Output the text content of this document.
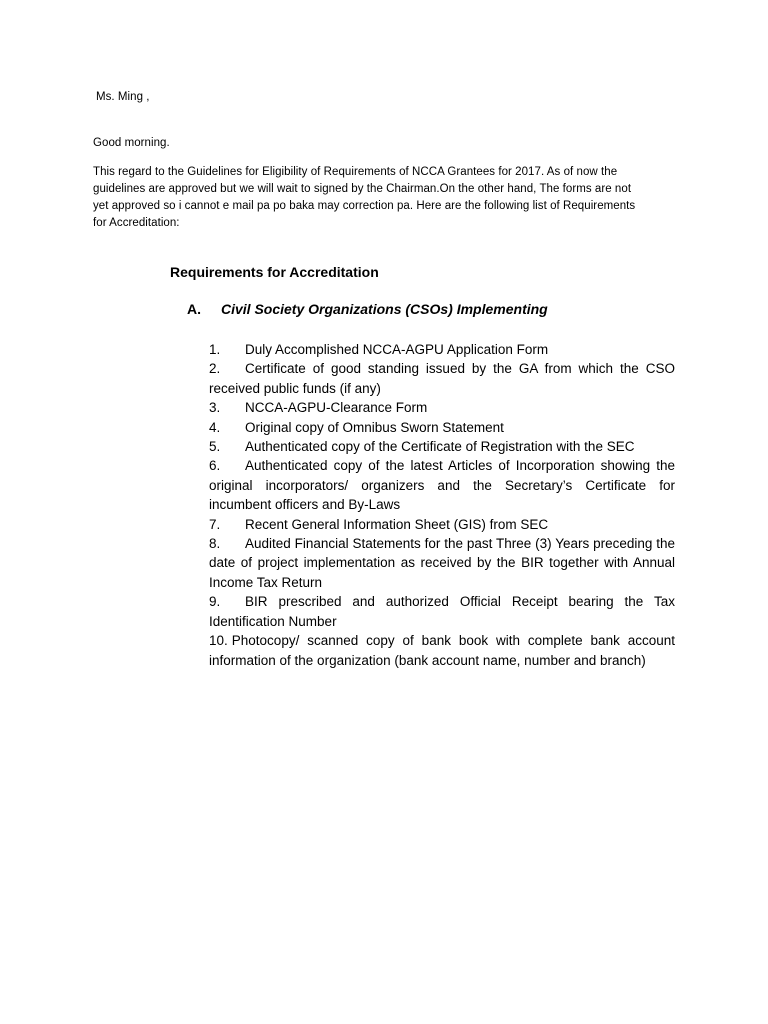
Ms. Ming ,
Good morning.
This regard to the Guidelines for Eligibility of Requirements of NCCA Grantees for 2017. As of now the
guidelines are approved but we will wait to signed by the Chairman.On the other hand, The forms are not
yet approved so i cannot e mail pa po baka may correction pa. Here are the following list of Requirements
for Accreditation:
Requirements for Accreditation
A.	Civil Society Organizations (CSOs) Implementing
1. Duly Accomplished NCCA-AGPU Application Form
2. Certificate of good standing issued by the GA from which the CSO received public funds (if any)
3. NCCA-AGPU-Clearance Form
4. Original copy of Omnibus Sworn Statement
5. Authenticated copy of the Certificate of Registration with the SEC
6. Authenticated copy of the latest Articles of Incorporation showing the original incorporators/ organizers and the Secretary’s Certificate for incumbent officers and By-Laws
7. Recent General Information Sheet (GIS) from SEC
8. Audited Financial Statements for the past Three (3) Years preceding the date of project implementation as received by the BIR together with Annual Income Tax Return
9. BIR prescribed and authorized Official Receipt bearing the Tax Identification Number
10. Photocopy/ scanned copy of bank book with complete bank account information of the organization (bank account name, number and branch)
